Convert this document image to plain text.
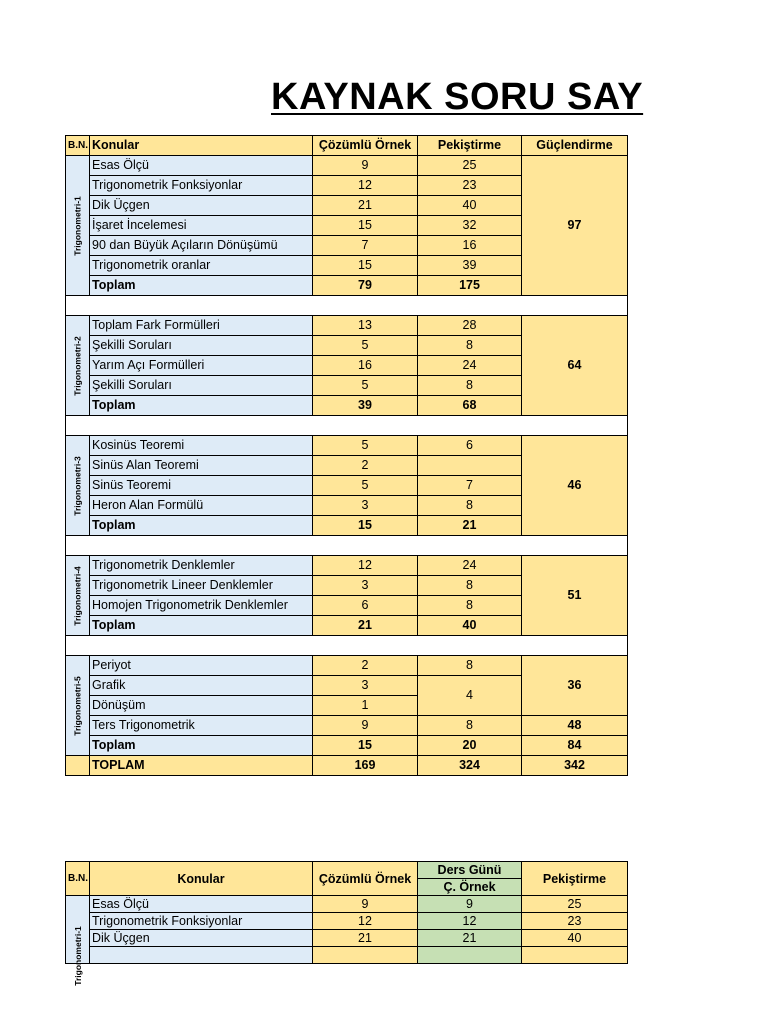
KAYNAK SORU SAY
B.N.	Konular	Çözümlü Örnek	Pekiştirme	Güçlendirme

Trigonometri-1	Esas Ölçü	9	25	97
	Trigonometrik Fonksiyonlar	12	23	
	Dik Üçgen	21	40	
	İşaret İncelemesi	15	32	
	90 dan Büyük Açıların Dönüşümü	7	16	
	Trigonometrik oranlar	15	39	
	Toplam	79	175	

Trigonometri-2	Toplam Fark Formülleri	13	28	64
	Şekilli Soruları	5	8	
	Yarım Açı Formülleri	16	24	
	Şekilli Soruları	5	8	
	Toplam	39	68	

Trigonometri-3	Kosinüs Teoremi	5	6	46
	Sinüs Alan Teoremi	2		
	Sinüs Teoremi	5	7	
	Heron Alan Formülü	3	8	
	Toplam	15	21	

Trigonometri-4	Trigonometrik Denklemler	12	24	51
	Trigonometrik Lineer Denklemler	3	8	
	Homojen Trigonometrik Denklemler	6	8	
	Toplam	21	40	

Trigonometri-5	Periyot	2	8	36
	Grafik	3	4	
	Dönüşüm	1		
	Ters Trigonometrik	9	8	48
	Toplam	15	20	84
	TOPLAM	169	324	342
B.N.	Konular	Çözümlü Örnek	Ders Günü	Pekiştirme
			Ç. Örnek	

Trigonometri-1	Esas Ölçü	9	9	25
	Trigonometrik Fonksiyonlar	12	12	23
	Dik Üçgen	21	21	40
